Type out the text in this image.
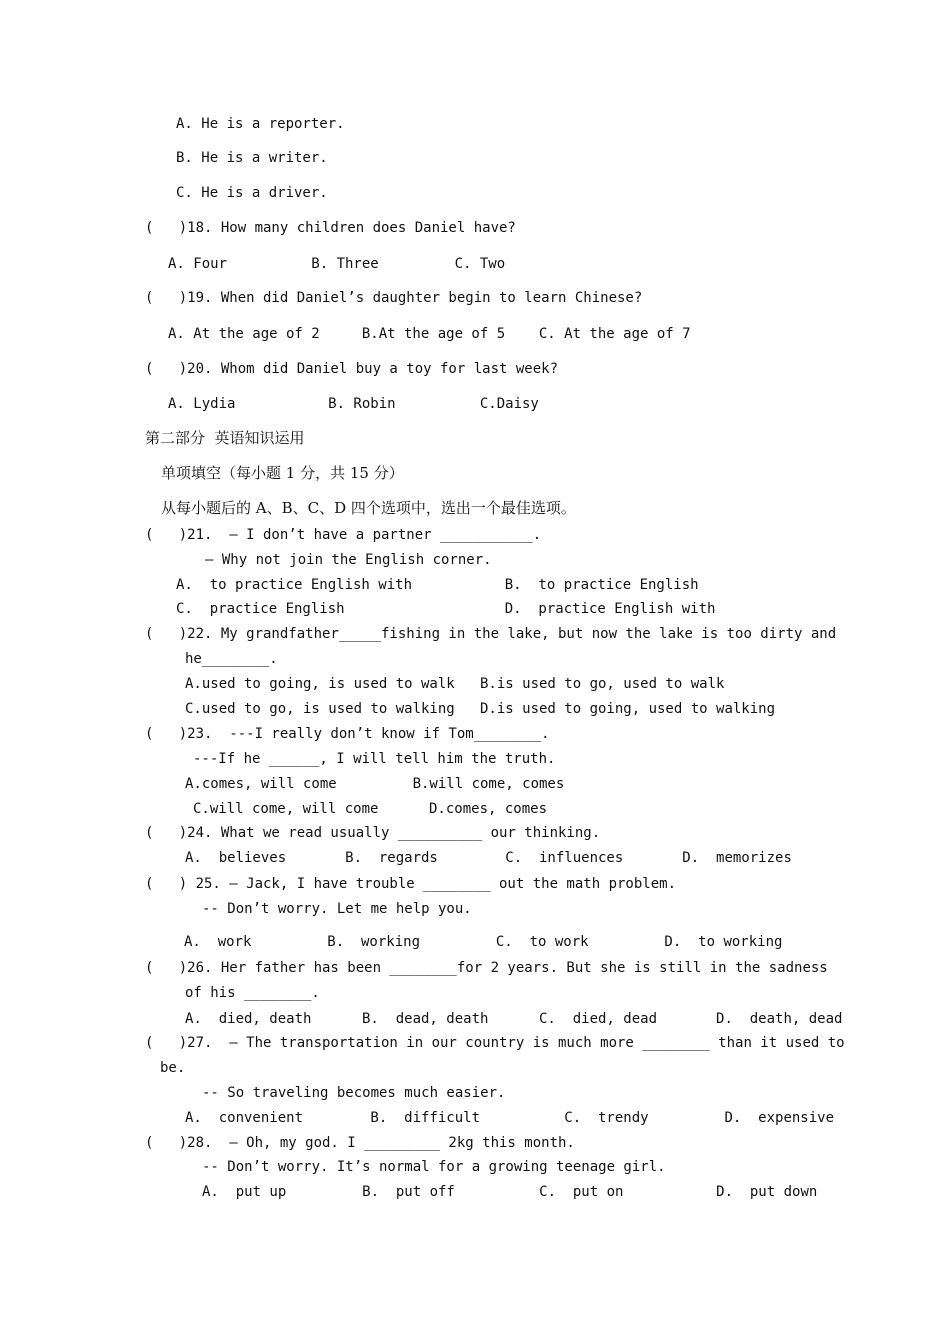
A. He is a reporter.
B. He is a writer.
C. He is a driver.
(   )18. How many children does Daniel have?
A. Four          B. Three         C. Two
(   )19. When did Daniel’s daughter begin to learn Chinese?
A. At the age of 2     B.At the age of 5    C. At the age of 7
(   )20. Whom did Daniel buy a toy for last week?
A. Lydia           B. Robin          C.Daisy
第二部分  英语知识运用
单项填空（每小题 1 分，共 15 分）
从每小题后的 A、B、C、D 四个选项中，选出一个最佳选项。
(   )21.  – I don’t have a partner ___________.
– Why not join the English corner.
A.  to practice English with           B.  to practice English
C.  practice English                   D.  practice English with
(   )22. My grandfather_____fishing in the lake, but now the lake is too dirty and
he________.
A.used to going, is used to walk   B.is used to go, used to walk
C.used to go, is used to walking   D.is used to going, used to walking
(   )23.  ---I really don’t know if Tom________.
---If he ______, I will tell him the truth.
A.comes, will come         B.will come, comes
C.will come, will come      D.comes, comes
(   )24. What we read usually __________ our thinking.
A.  believes       B.  regards        C.  influences       D.  memorizes
(   ) 25. – Jack, I have trouble ________ out the math problem.
-- Don’t worry. Let me help you.
A.  work         B.  working         C.  to work         D.  to working
(   )26. Her father has been ________for 2 years. But she is still in the sadness
of his ________.
A.  died, death      B.  dead, death      C.  died, dead       D.  death, dead
(   )27.  – The transportation in our country is much more ________ than it used to
be.
-- So traveling becomes much easier.
A.  convenient        B.  difficult          C.  trendy         D.  expensive
(   )28.  – Oh, my god. I _________ 2kg this month.
-- Don’t worry. It’s normal for a growing teenage girl.
A.  put up         B.  put off          C.  put on           D.  put down
